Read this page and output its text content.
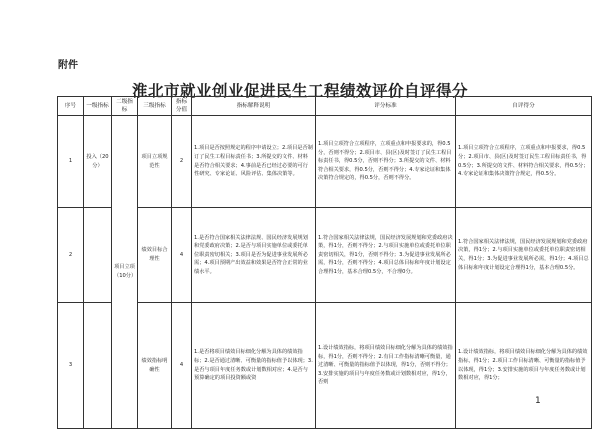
附件
淮北市就业创业促进民生工程绩效评价自评得分
序号	一级指标	二级指标	三级指标	指标分值	指标解释说明	评分标准	自评得分
1	投入（20分）	项目立项（10分）	项目立项规范性	2	1.项目是否按照规定的程序申请设立；2.项目是否制订了民生工程目标责任书；3.所提交的文件、材料是否符合相关要求；4.事前是否已经过必要的可行性研究、专家论证、风险评估、集体决策等。	1.项目立项符合立项程序，立项重点和申报要求的，得0.5分，否则不得分；2.项目市、县(区)及时签订了民生工程目标责任书，得0.5分，否则不得分；3.所提交的文件、材料符合相关要求，得0.5分，否则不得分；4.专家论证和集体决策符合规定的，得0.5分，否则不得分。	1.项目立项符合立项程序，立项重点和申报要求，得0.5分；2.项目市、县(区)及时签订民生工程目标责任书，得0.5分；3.所提交的文件、材料符合相关要求，得0.5分；4.专家论证和集体决策符合规定，得0.5分。
2			绩效目标合理性	4	1.是否符合国家相关法律法规、国民经济发展规划和党委政府决策；2.是否与项目实施单位或委托单位职责密切相关；3.项目是否为促进事业发展所必需；4.项目预期产出效益和效果是否符合正常的业绩水平。	1.符合国家相关法律法规，国民经济发展规划和党委政府决策，得1分，否则不得分；2.与项目实施单位或委托单位职责密切相关，得1分，否则不得分；3.为促进事业发展所必需，得1分，否则不得分；4.项目总体目标和年度计划设定合理得1分，基本合理0.5分，不合理0分。	1.符合国家相关法律法规，国民经济发展规划和党委政府决策，得1分；2.与项目实施单位或委托单位职责密切相关，得1分；3.为促进事业发展所必需，得1分；4.项目总体目标和年度计划设定合理得1分，基本合理0.5分。
3			绩效指标明确性	4	1.是否将项目绩效目标细化分解为具体的绩效指标；2.是否通过清晰、可衡量的指标值予以体现；3.是否与项目年度任务数或计划数相对应；4.是否与预算确定的项目投资额或资	1.设计绩效指标，将项目绩效目标细化分解为具体的绩效指标，得1分，否则不得分；2.有目工作指标清晰可衡量，通过清晰、可衡量的指标值予以体现，得1分，否则不得分；3.安排实施的项目与年度任务数或计划数相对应，得1分，否则	1.设计绩效指标，将项目绩效目标细化分解为具体的绩效指标，得1分；2.项目工作目标清晰、可衡量的指标值予以体现，得1分；3.安排实施的项目与年度任务数或计划数相对应，得1分；
1
